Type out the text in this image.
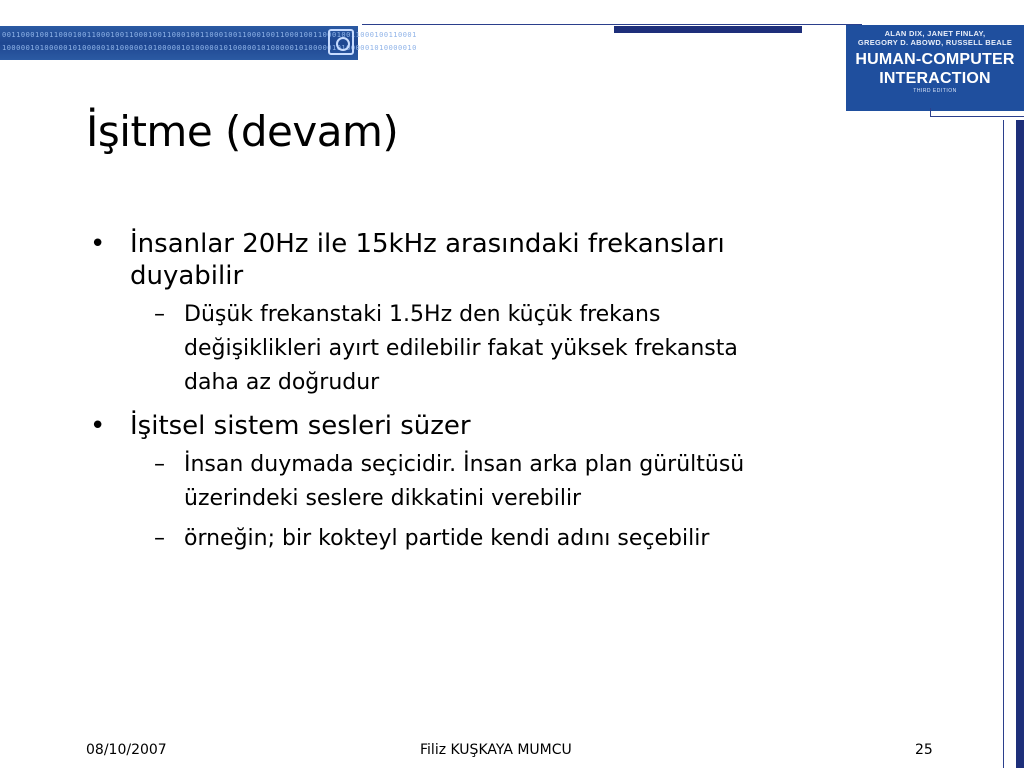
0011000100110001001100010011000100110001001100010011000100110001001100010011000100110001
1000001010000010100000101000001010000010100000101000001010000010100000101000001010000010
ALAN DIX, JANET FINLAY,
GREGORY D. ABOWD, RUSSELL BEALE
HUMAN-COMPUTER
INTERACTION
THIRD EDITION
İşitme (devam)
• İnsanlar 20Hz ile 15kHz arasındaki frekansları
duyabilir
– Düşük frekanstaki 1.5Hz den küçük frekans
değişiklikleri ayırt edilebilir fakat yüksek frekansta
daha az doğrudur
• İşitsel sistem sesleri süzer
– İnsan duymada seçicidir. İnsan arka plan gürültüsü
üzerindeki seslere dikkatini verebilir
– örneğin; bir kokteyl partide kendi adını seçebilir
08/10/2007	Filiz KUŞKAYA MUMCU	25
